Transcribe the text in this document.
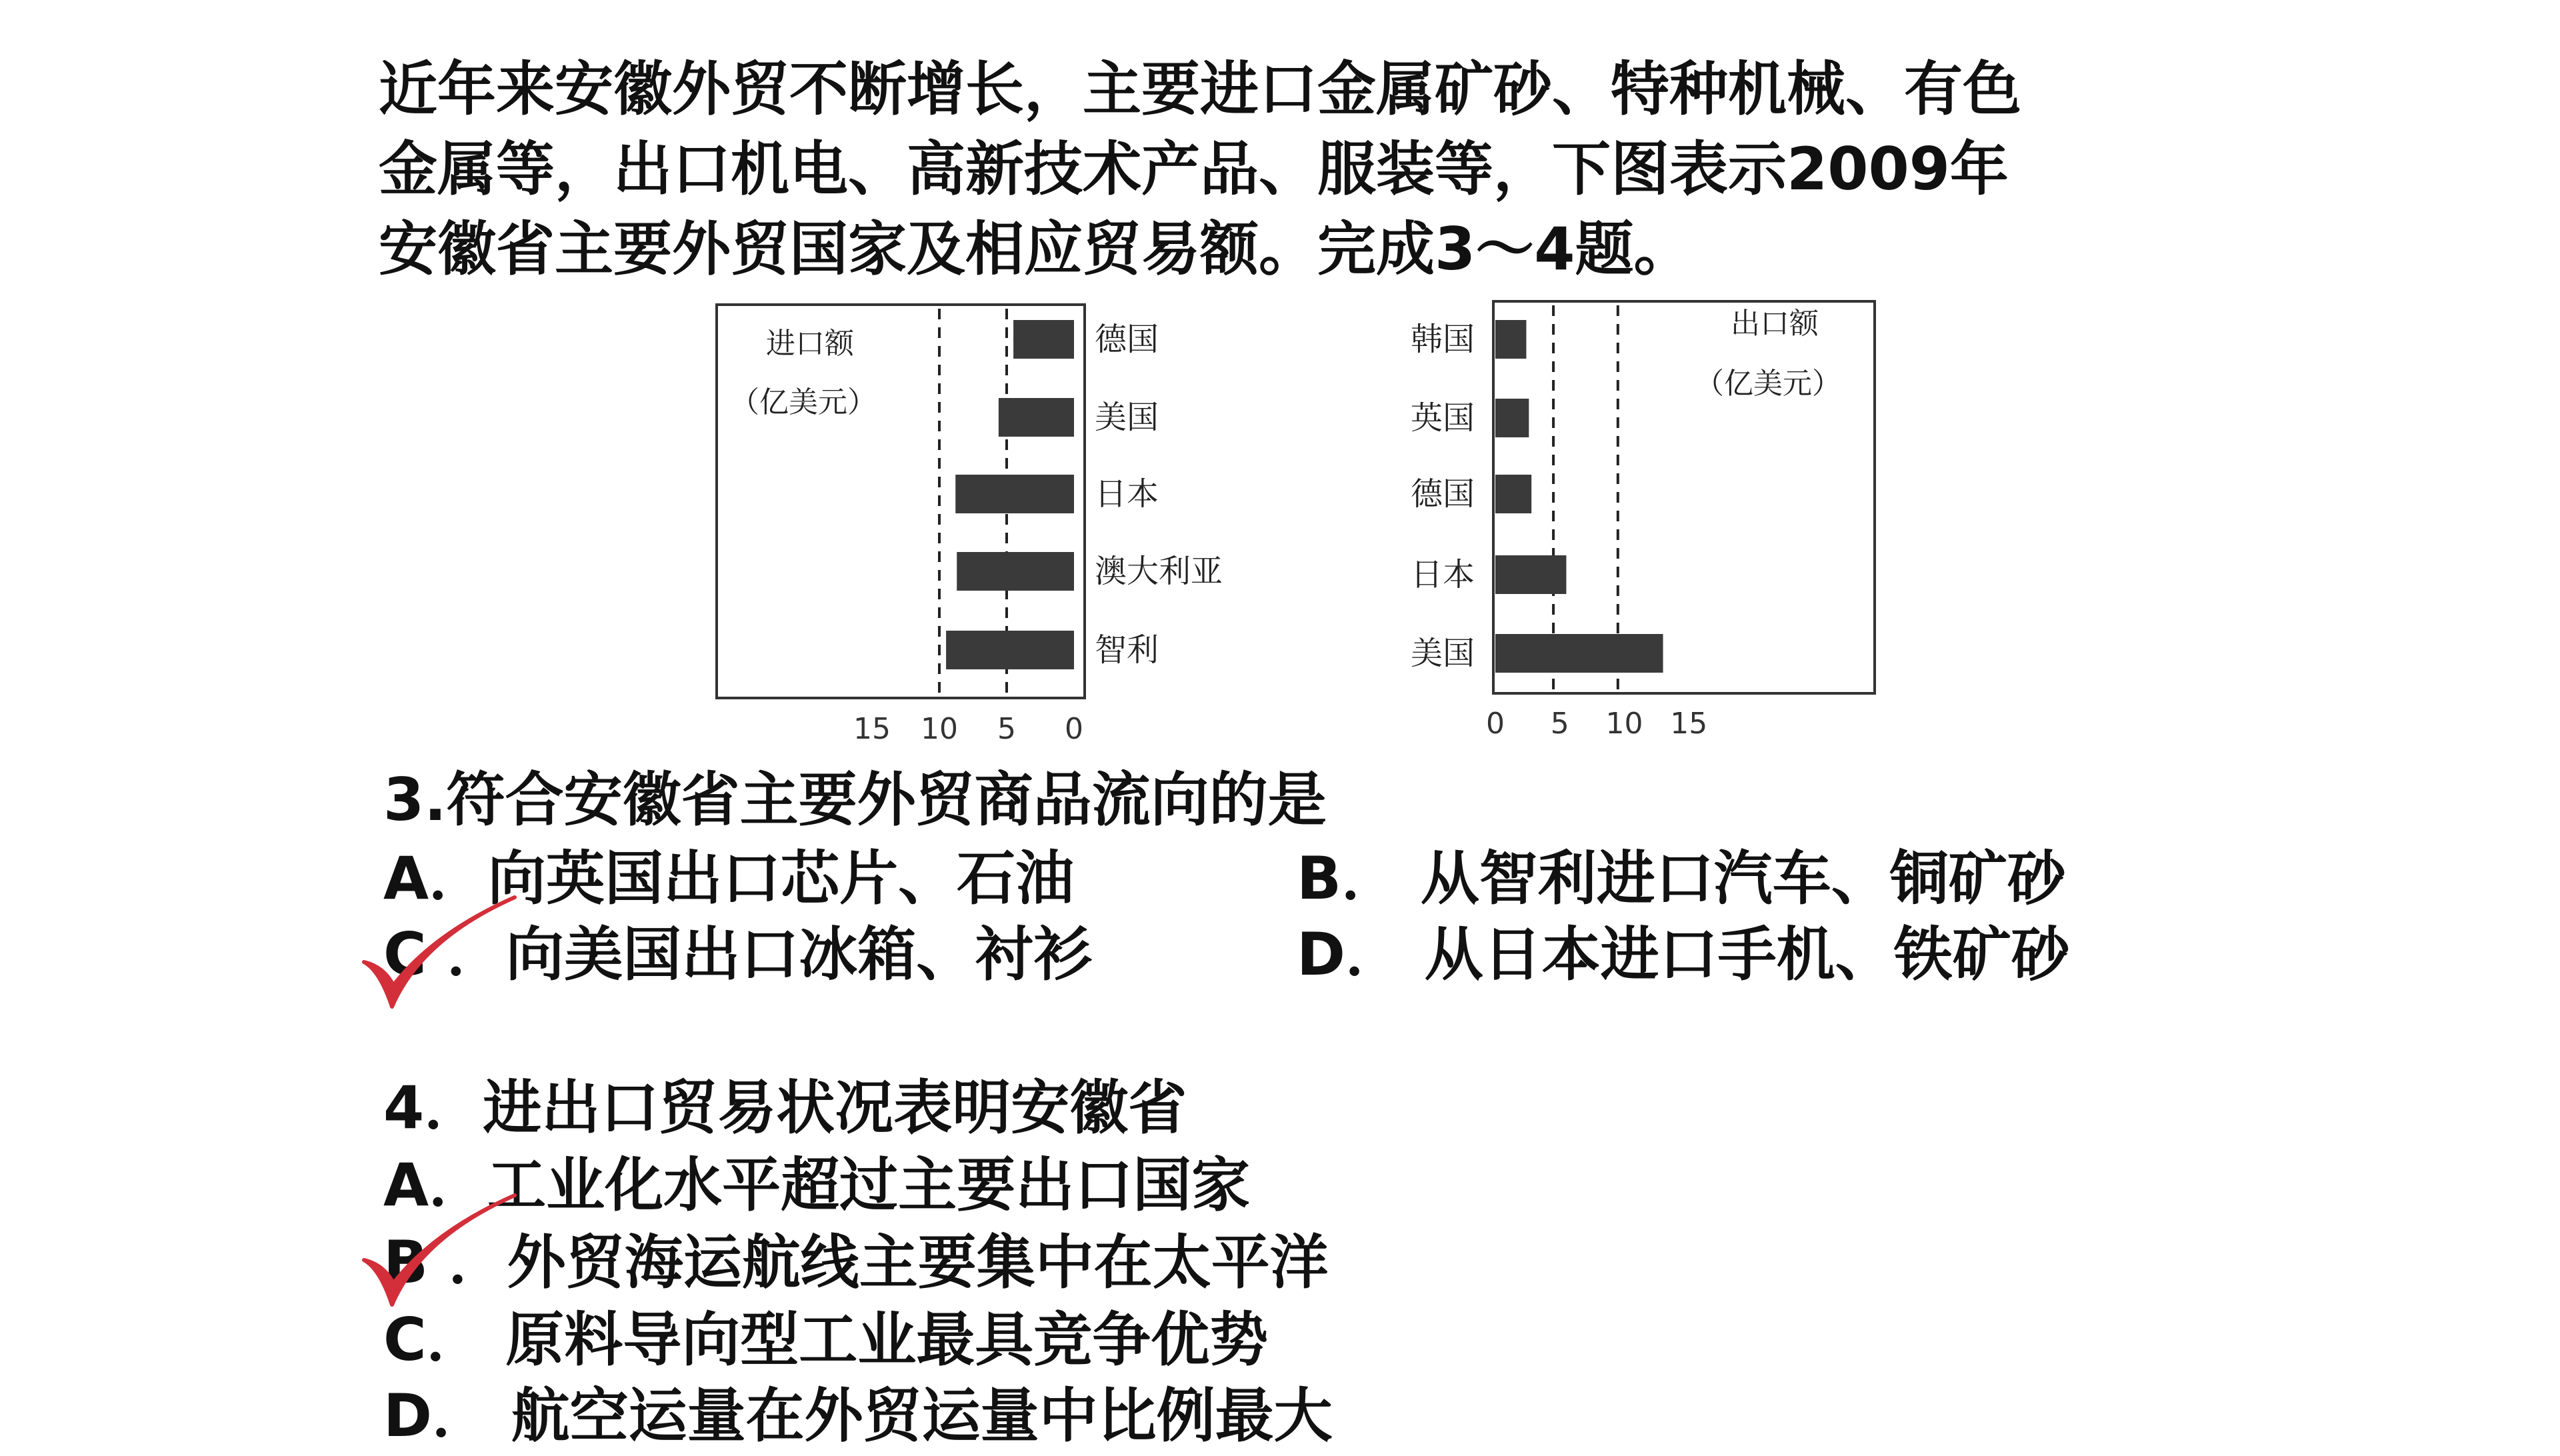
近年来安徽外贸不断增长，主要进口金属矿砂、特种机械、有色
金属等，出口机电、高新技术产品、服装等，下图表示2009年
安徽省主要外贸国家及相应贸易额。完成3～4题。
进口额
（亿美元）
德国
美国
日本
澳大利亚
智利
15 10 5 0
出口额
（亿美元）
韩国
英国
德国
日本
美国
0 5 10 15

3.符合安徽省主要外贸商品流向的是

A．向英国出口芯片、石油	B． 从智利进口汽车、铜矿砂

C ．向美国出口冰箱、衬衫	D． 从日本进口手机、铁矿砂

4．进出口贸易状况表明安徽省

A．工业化水平超过主要出口国家

B ．外贸海运航线主要集中在太平洋

C． 原料导向型工业最具竞争优势

D． 航空运量在外贸运量中比例最大
